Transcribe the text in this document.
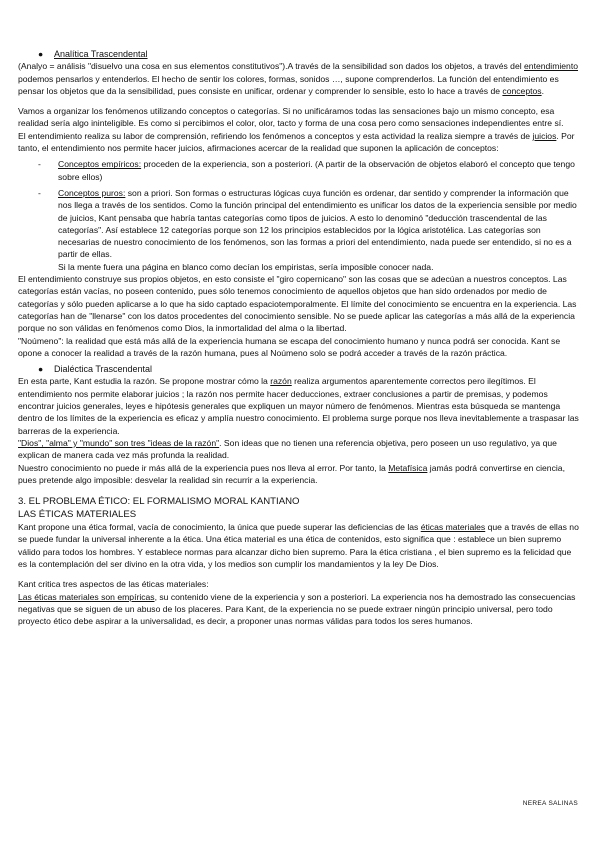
●	Analítica Trascendental

(Analyo = análisis "disuelvo una cosa en sus elementos constitutivos").A través de la sensibilidad son dados los objetos, a través del entendimiento podemos pensarlos y entenderlos. El hecho de sentir los colores, formas, sonidos …, supone comprenderlos. La función del entendimiento es pensar los objetos que da la sensibilidad, pues consiste en unificar, ordenar y comprender lo sensible, esto lo hace a través de conceptos.

Vamos a organizar los fenómenos utilizando conceptos o categorías. Si no unificáramos todas las sensaciones bajo un mismo concepto, esa realidad sería algo ininteligible. Es como si percibimos el color, olor, tacto y forma de una cosa pero como sensaciones independientes entre sí.

El entendimiento realiza su labor de comprensión, refiriendo los fenómenos a conceptos y esta actividad la realiza siempre a través de juicios. Por tanto, el entendimiento nos permite hacer juicios, afirmaciones acercar de la realidad que suponen la aplicación de conceptos:

-	Conceptos empíricos: proceden de la experiencia, son a posteriori. (A partir de la observación de objetos elaboró el concepto que tengo sobre ellos)

-	Conceptos puros: son a priori. Son formas o estructuras lógicas cuya función es ordenar, dar sentido y comprender la información que nos llega a través de los sentidos. Como la función principal del entendimiento es unificar los datos de la experiencia sensible por medio de juicios, Kant pensaba que habría tantas categorías como tipos de juicios. A esto lo denominó "deducción trascendental de las categorías". Así establece 12 categorías porque son 12 los principios establecidos por la lógica aristotélica. Las categorías son necesarias de nuestro conocimiento de los fenómenos, son las formas a priori del entendimiento, nada puede ser entendido, si no es a partir de ellas.

Si la mente fuera una página en blanco como decían los empiristas, sería imposible conocer nada.

El entendimiento construye sus propios objetos, en esto consiste el "giro copernicano" son las cosas que se adecúan a nuestros conceptos. Las categorías están vacías, no poseen contenido, pues sólo tenemos conocimiento de aquellos objetos que han sido ordenados por medio de categorías y sólo pueden aplicarse a lo que ha sido captado espaciotemporalmente. El límite del conocimiento se encuentra en la experiencia. Las categorías han de "llenarse" con los datos procedentes del conocimiento sensible. No se puede aplicar las categorías a más allá de la experiencia porque no son válidas en fenómenos como Dios, la inmortalidad del alma o la libertad.

"Noúmeno": la realidad que está más allá de la experiencia humana se escapa del conocimiento humano y nunca podrá ser conocida. Kant se opone a conocer la realidad a través de la razón humana, pues al Noúmeno solo se podrá acceder a través de la razón práctica.

●	Dialéctica Trascendental

En esta parte, Kant estudia la razón. Se propone mostrar cómo la razón realiza argumentos aparentemente correctos pero ilegítimos. El entendimiento nos permite elaborar juicios ; la razón nos permite hacer deducciones, extraer conclusiones a partir de premisas, y podemos encontrar juicios generales, leyes e hipótesis generales que expliquen un mayor número de fenómenos. Mientras esta búsqueda se mantenga dentro de los límites de la experiencia es eficaz y amplía nuestro conocimiento. El problema surge porque nos lleva inevitablemente a traspasar las barreras de la experiencia.

"Dios", "alma" y "mundo" son tres "ideas de la razón". Son ideas que no tienen una referencia objetiva, pero poseen un uso regulativo, ya que explican de manera cada vez más profunda la realidad.

Nuestro conocimiento no puede ir más allá de la experiencia pues nos lleva al error. Por tanto, la Metafísica jamás podrá convertirse en ciencia, pues pretende algo imposible: desvelar la realidad sin recurrir a la experiencia.

3. EL PROBLEMA ÉTICO: EL FORMALISMO MORAL KANTIANO

LAS ÉTICAS MATERIALES

Kant propone una ética formal, vacía de conocimiento, la única que puede superar las deficiencias de las éticas materiales que a través de ellas no se puede fundar la universal inherente a la ética. Una ética material es una ética de contenidos, esto significa que : establece un bien supremo válido para todos los hombres. Y establece normas para alcanzar dicho bien supremo. Para la ética cristiana , el bien supremo es la felicidad que es la contemplación del ser divino en la otra vida, y los medios son cumplir los mandamientos y la ley De Dios.

Kant critica tres aspectos de las éticas materiales:

Las éticas materiales son empíricas, su contenido viene de la experiencia y son a posteriori. La experiencia nos ha demostrado las consecuencias negativas que se siguen de un abuso de los placeres. Para Kant, de la experiencia no se puede extraer ningún principio universal, pero todo proyecto ético debe aspirar a la universalidad, es decir, a proponer unas normas válidas para todos los seres humanos.

NEREA SALINAS
